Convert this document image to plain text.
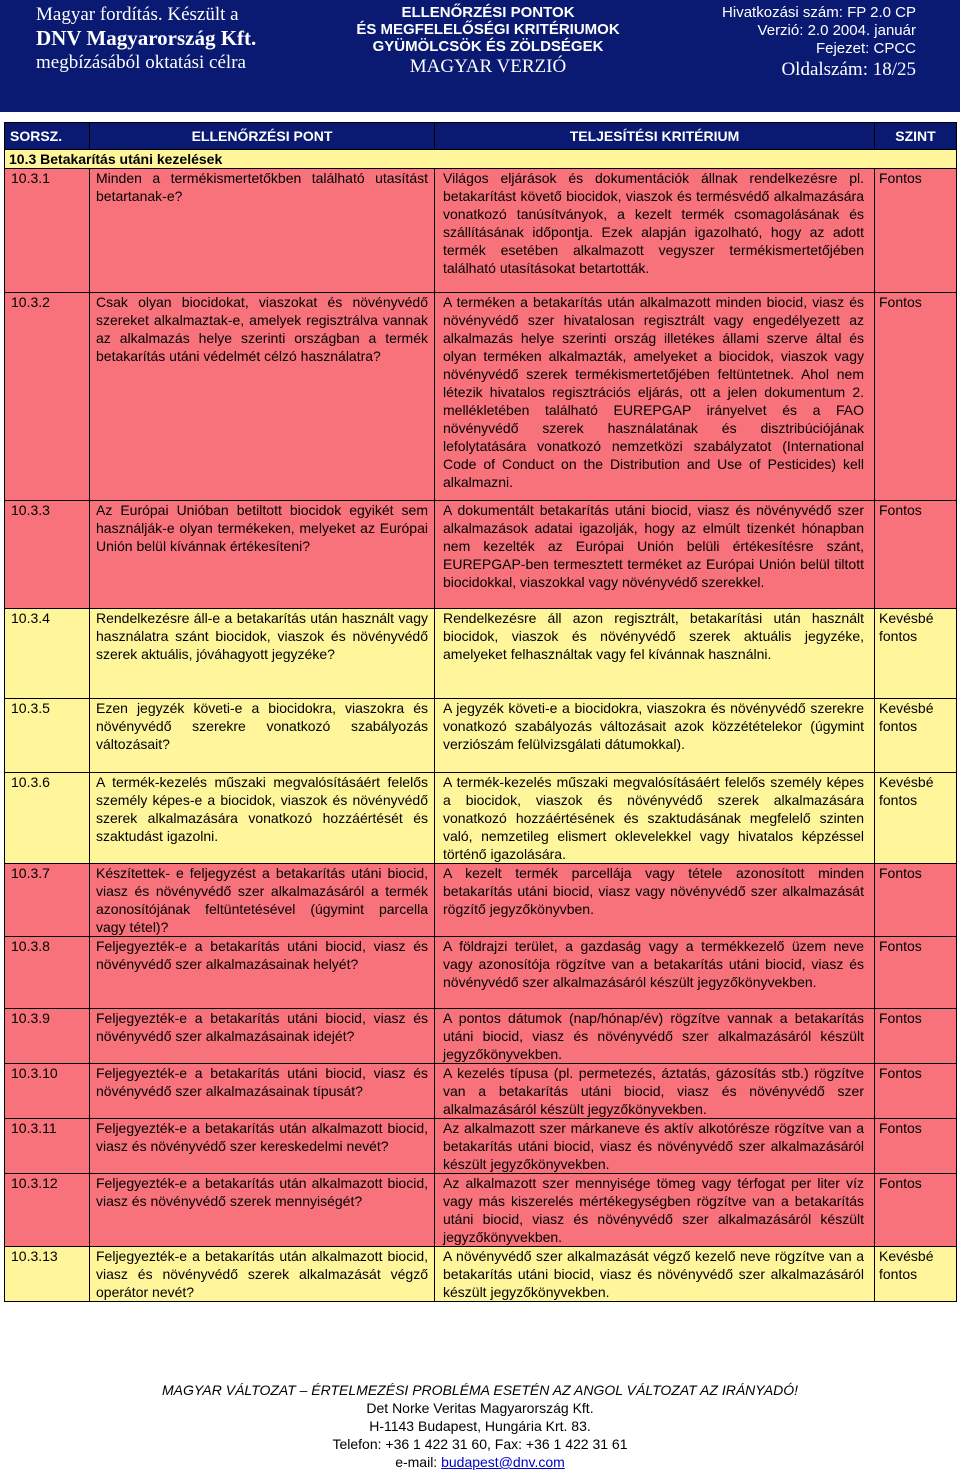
Magyar fordítás. Készült a
DNV Magyarország Kft.
megbízásából oktatási célra
ELLENŐRZÉSI PONTOK
ÉS MEGFELELŐSÉGI KRITÉRIUMOK
GYÜMÖLCSÖK ÉS ZÖLDSÉGEK
MAGYAR VERZIÓ
Hivatkozási szám: FP 2.0 CP
Verzió: 2.0 2004. január
Fejezet: CPCC
Oldalszám: 18/25
SORSZ.	ELLENŐRZÉSI PONT	TELJESÍTÉSI KRITÉRIUM	SZINT
10.3 Betakarítás utáni kezelések			
10.3.1	Minden a termékismertetőkben található utasítást betartanak-e?	Világos eljárások és dokumentációk állnak rendelkezésre pl. betakarítást követő biocidok, viaszok és termésvédő alkalmazására vonatkozó tanúsítványok, a kezelt termék csomagolásának és szállításának időpontja. Ezek alapján igazolható, hogy az adott termék esetében alkalmazott vegyszer termékismertetőjében található utasításokat betartották.	Fontos
10.3.2	Csak olyan biocidokat, viaszokat és növényvédő szereket alkalmaztak-e, amelyek regisztrálva vannak az alkalmazás helye szerinti országban a termék betakarítás utáni védelmét célzó használatra?	A terméken a betakarítás után alkalmazott minden biocid, viasz és növényvédő szer hivatalosan regisztrált vagy engedélyezett az alkalmazás helye szerinti ország illetékes állami szerve által és olyan terméken alkalmazták, amelyeket a biocidok, viaszok vagy növényvédő szerek termékismertetőjében feltüntetnek. Ahol nem létezik hivatalos regisztrációs eljárás, ott a jelen dokumentum 2. mellékletében található EUREPGAP irányelvet és a FAO növényvédő szerek használatának és disztribúciójának lefolytatására vonatkozó nemzetközi szabályzatot (International Code of Conduct on the Distribution and Use of Pesticides) kell alkalmazni.	Fontos
10.3.3	Az Európai Unióban betiltott biocidok egyikét sem használják-e olyan termékeken, melyeket az Európai Unión belül kívánnak értékesíteni?	A dokumentált betakarítás utáni biocid, viasz és növényvédő szer alkalmazások adatai igazolják, hogy az elmúlt tizenkét hónapban nem kezelték az Európai Unión belüli értékesítésre szánt, EUREPGAP-ben termesztett terméket az Európai Unión belül tiltott biocidokkal, viaszokkal vagy növényvédő szerekkel.	Fontos
10.3.4	Rendelkezésre áll-e a betakarítás után használt vagy használatra szánt biocidok, viaszok és növényvédő szerek aktuális, jóváhagyott jegyzéke?	Rendelkezésre áll azon regisztrált, betakarítási után használt biocidok, viaszok és növényvédő szerek aktuális jegyzéke, amelyeket felhasználtak vagy fel kívánnak használni.	Kevésbé fontos
10.3.5	Ezen jegyzék követi-e a biocidokra, viaszokra és növényvédő szerekre vonatkozó szabályozás változásait?	A jegyzék követi-e a biocidokra, viaszokra és növényvédő szerekre vonatkozó szabályozás változásait azok közzétételekor (úgymint verziószám felülvizsgálati dátumokkal).	Kevésbé fontos
10.3.6	A termék-kezelés műszaki megvalósításáért felelős személy képes-e a biocidok, viaszok és növényvédő szerek alkalmazására vonatkozó hozzáértését és szaktudást igazolni.	A termék-kezelés műszaki megvalósításáért felelős személy képes a biocidok, viaszok és növényvédő szerek alkalmazására vonatkozó hozzáértésének és szaktudásának megfelelő szinten való, nemzetileg elismert oklevelekkel vagy hivatalos képzéssel történő igazolására.	Kevésbé fontos
10.3.7	Készítettek- e feljegyzést a betakarítás utáni biocid, viasz és növényvédő szer alkalmazásáról a termék azonosítójának feltüntetésével (úgymint parcella vagy tétel)?	A kezelt termék parcellája vagy tétele azonosított minden betakarítás utáni biocid, viasz vagy növényvédő szer alkalmazását rögzítő jegyzőkönyvben.	Fontos
10.3.8	Feljegyezték-e a betakarítás utáni biocid, viasz és növényvédő szer alkalmazásainak helyét?	A földrajzi terület, a gazdaság vagy a termékkezelő üzem neve vagy azonosítója rögzítve van a betakarítás utáni biocid, viasz és növényvédő szer alkalmazásáról készült jegyzőkönyvekben.	Fontos
10.3.9	Feljegyezték-e a betakarítás utáni biocid, viasz és növényvédő szer alkalmazásainak idejét?	A pontos dátumok (nap/hónap/év) rögzítve vannak a betakarítás utáni biocid, viasz és növényvédő szer alkalmazásáról készült jegyzőkönyvekben.	Fontos
10.3.10	Feljegyezték-e a betakarítás utáni biocid, viasz és növényvédő szer alkalmazásainak típusát?	A kezelés típusa (pl. permetezés, áztatás, gázosítás stb.) rögzítve van a betakarítás utáni biocid, viasz és növényvédő szer alkalmazásáról készült jegyzőkönyvekben.	Fontos
10.3.11	Feljegyezték-e a betakarítás után alkalmazott biocid, viasz és növényvédő szer kereskedelmi nevét?	Az alkalmazott szer márkaneve és aktív alkotórésze rögzítve van a betakarítás utáni biocid, viasz és növényvédő szer alkalmazásáról készült jegyzőkönyvekben.	Fontos
10.3.12	Feljegyezték-e a betakarítás után alkalmazott biocid, viasz és növényvédő szerek mennyiségét?	Az alkalmazott szer mennyisége tömeg vagy térfogat per liter víz vagy más kiszerelés mértékegységben rögzítve van a betakarítás utáni biocid, viasz és növényvédő szer alkalmazásáról készült jegyzőkönyvekben.	Fontos
10.3.13	Feljegyezték-e a betakarítás után alkalmazott biocid, viasz és növényvédő szerek alkalmazását végző operátor nevét?	A növényvédő szer alkalmazását végző kezelő neve rögzítve van a betakarítás utáni biocid, viasz és növényvédő szer alkalmazásáról készült jegyzőkönyvekben.	Kevésbé fontos
MAGYAR VÁLTOZAT – ÉRTELMEZÉSI PROBLÉMA ESETÉN AZ ANGOL VÁLTOZAT AZ IRÁNYADÓ!
Det Norke Veritas Magyarország Kft.
H-1143 Budapest, Hungária Krt. 83.
Telefon: +36 1 422 31 60, Fax: +36 1 422 31 61
e-mail: budapest@dnv.com
